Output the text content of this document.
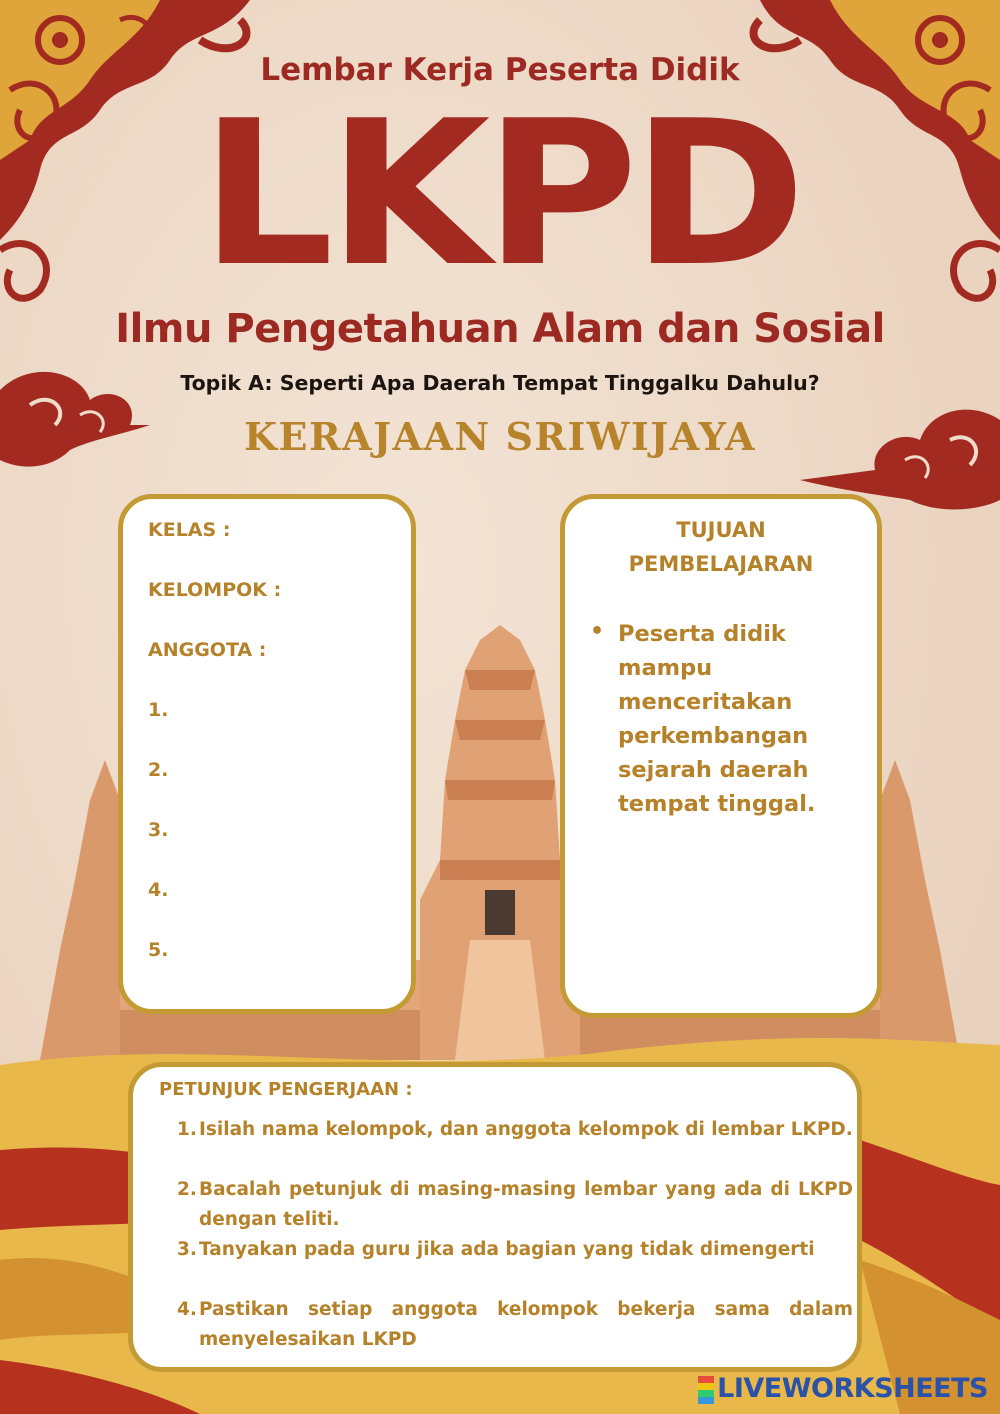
Lembar Kerja Peserta Didik
LKPD
Ilmu Pengetahuan Alam dan Sosial
Topik A: Seperti Apa Daerah Tempat Tinggalku Dahulu?
KERAJAAN SRIWIJAYA
KELAS :
KELOMPOK :
ANGGOTA :
1.
2.
3.
4.
5.
TUJUAN
PEMBELAJARAN
• Peserta didik mampu menceritakan perkembangan sejarah daerah tempat tinggal.
PETUNJUK PENGERJAAN :
1. Isilah nama kelompok, dan anggota kelompok di lembar LKPD.
2. Bacalah petunjuk di masing-masing lembar yang ada di LKPD dengan teliti.
3. Tanyakan pada guru jika ada bagian yang tidak dimengerti
4. Pastikan setiap anggota kelompok bekerja sama dalam menyelesaikan LKPD
LIVEWORKSHEETS
